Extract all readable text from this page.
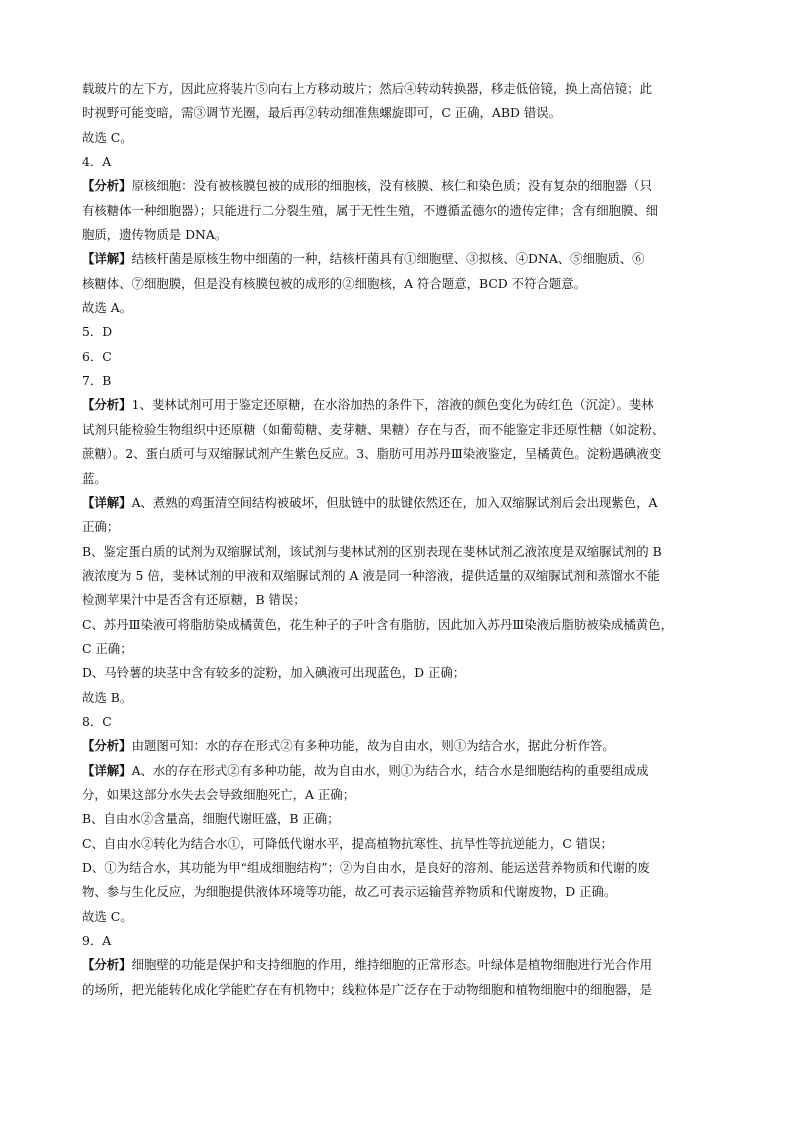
载玻片的左下方，因此应将装片⑤向右上方移动玻片；然后④转动转换器，移走低倍镜，换上高倍镜；此
时视野可能变暗，需③调节光圈，最后再②转动细准焦螺旋即可，C 正确，ABD 错误。
故选 C。
4．A
【分析】原核细胞：没有被核膜包被的成形的细胞核，没有核膜、核仁和染色质；没有复杂的细胞器（只
有核糖体一种细胞器）；只能进行二分裂生殖，属于无性生殖，不遵循孟德尔的遗传定律；含有细胞膜、细
胞质，遗传物质是 DNA。
【详解】结核杆菌是原核生物中细菌的一种，结核杆菌具有①细胞壁、③拟核、④DNA、⑤细胞质、⑥
核糖体、⑦细胞膜，但是没有核膜包被的成形的②细胞核，A 符合题意，BCD 不符合题意。
故选 A。
5．D
6．C
7．B
【分析】1、斐林试剂可用于鉴定还原糖，在水浴加热的条件下，溶液的颜色变化为砖红色（沉淀）。斐林
试剂只能检验生物组织中还原糖（如葡萄糖、麦芽糖、果糖）存在与否，而不能鉴定非还原性糖（如淀粉、
蔗糖）。2、蛋白质可与双缩脲试剂产生紫色反应。3、脂肪可用苏丹Ⅲ染液鉴定，呈橘黄色。淀粉遇碘液变
蓝。
【详解】A、煮熟的鸡蛋清空间结构被破坏，但肽链中的肽键依然还在，加入双缩脲试剂后会出现紫色，A
正确；
B、鉴定蛋白质的试剂为双缩脲试剂，该试剂与斐林试剂的区别表现在斐林试剂乙液浓度是双缩脲试剂的 B
液浓度为 5 倍，斐林试剂的甲液和双缩脲试剂的 A 液是同一种溶液，提供适量的双缩脲试剂和蒸馏水不能
检测苹果汁中是否含有还原糖，B 错误；
C、苏丹Ⅲ染液可将脂肪染成橘黄色，花生种子的子叶含有脂肪，因此加入苏丹Ⅲ染液后脂肪被染成橘黄色，
C 正确；
D、马铃薯的块茎中含有较多的淀粉，加入碘液可出现蓝色，D 正确；
故选 B。
8．C
【分析】由题图可知：水的存在形式②有多种功能，故为自由水，则①为结合水，据此分析作答。
【详解】A、水的存在形式②有多种功能，故为自由水，则①为结合水，结合水是细胞结构的重要组成成
分，如果这部分水失去会导致细胞死亡，A 正确；
B、自由水②含量高，细胞代谢旺盛，B 正确；
C、自由水②转化为结合水①，可降低代谢水平，提高植物抗寒性、抗旱性等抗逆能力，C 错误；
D、①为结合水，其功能为甲“组成细胞结构”；②为自由水，是良好的溶剂、能运送营养物质和代谢的废
物、参与生化反应，为细胞提供液体环境等功能，故乙可表示运输营养物质和代谢废物，D 正确。
故选 C。
9．A
【分析】细胞壁的功能是保护和支持细胞的作用，维持细胞的正常形态。叶绿体是植物细胞进行光合作用
的场所，把光能转化成化学能贮存在有机物中；线粒体是广泛存在于动物细胞和植物细胞中的细胞器，是
